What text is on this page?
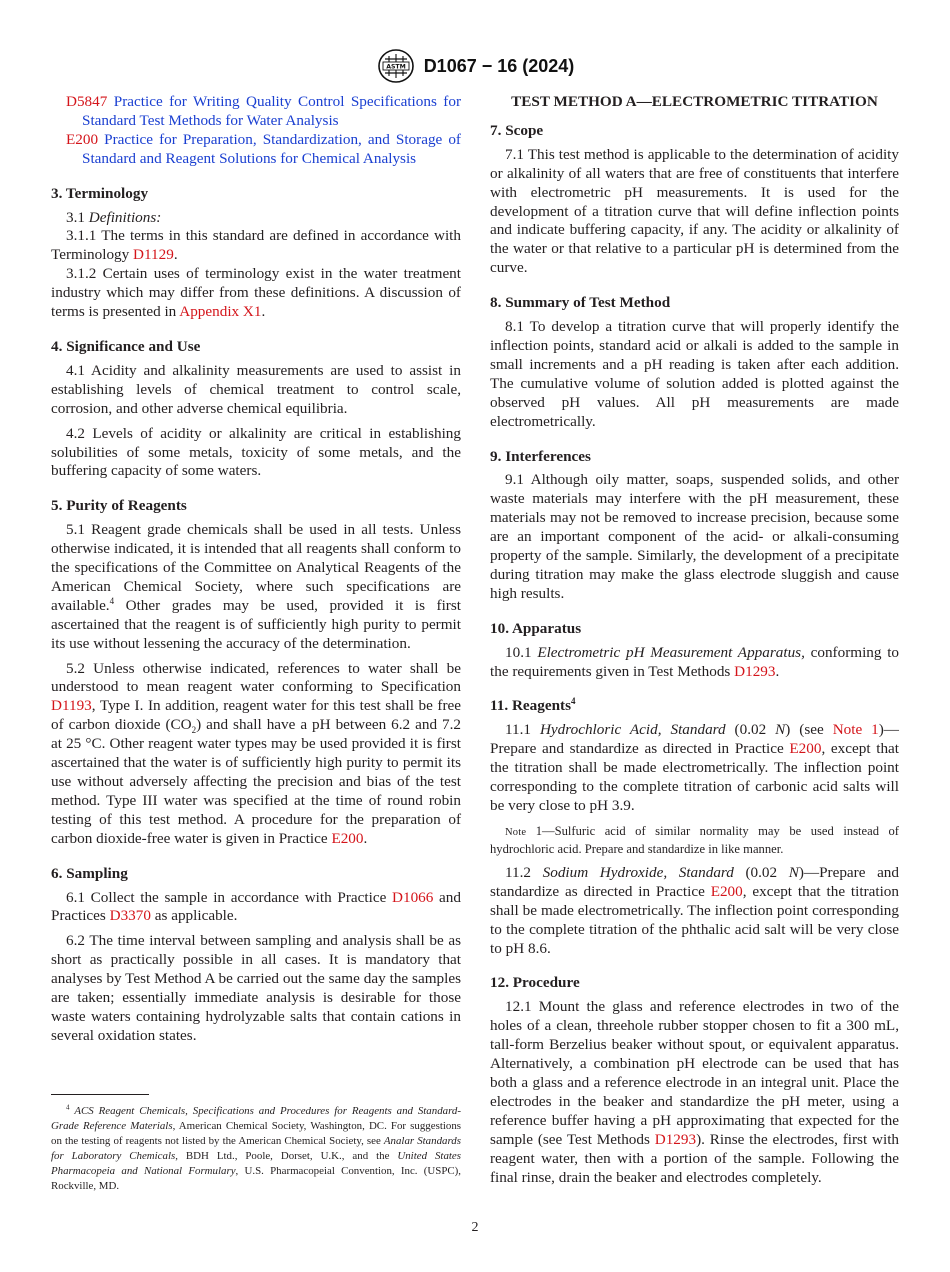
ASTM D1067 − 16 (2024)
D5847 Practice for Writing Quality Control Specifications for Standard Test Methods for Water Analysis
E200 Practice for Preparation, Standardization, and Storage of Standard and Reagent Solutions for Chemical Analysis
3. Terminology

3.1 Definitions:

3.1.1 The terms in this standard are defined in accordance with Terminology D1129.

3.1.2 Certain uses of terminology exist in the water treatment industry which may differ from these definitions. A discussion of terms is presented in Appendix X1.

4. Significance and Use

4.1 Acidity and alkalinity measurements are used to assist in establishing levels of chemical treatment to control scale, corrosion, and other adverse chemical equilibria.

4.2 Levels of acidity or alkalinity are critical in establishing solubilities of some metals, toxicity of some metals, and the buffering capacity of some waters.

5. Purity of Reagents

5.1 Reagent grade chemicals shall be used in all tests. Unless otherwise indicated, it is intended that all reagents shall conform to the specifications of the Committee on Analytical Reagents of the American Chemical Society, where such specifications are available.$^4$ Other grades may be used, provided it is first ascertained that the reagent is of sufficiently high purity to permit its use without lessening the accuracy of the determination.

5.2 Unless otherwise indicated, references to water shall be understood to mean reagent water conforming to Specification D1193, Type I. In addition, reagent water for this test shall be free of carbon dioxide $(CO_2)$ and shall have a pH between 6.2 and 7.2 at 25 °C. Other reagent water types may be used provided it is first ascertained that the water is of sufficiently high purity to permit its use without adversely affecting the precision and bias of the test method. Type III water was specified at the time of round robin testing of this test method. A procedure for the preparation of carbon dioxide-free water is given in Practice E200.

6. Sampling

6.1 Collect the sample in accordance with Practice D1066 and Practices D3370 as applicable.

6.2 The time interval between sampling and analysis shall be as short as practically possible in all cases. It is mandatory that analyses by Test Method A be carried out the same day the samples are taken; essentially immediate analysis is desirable for those waste waters containing hydrolyzable salts that contain cations in several oxidation states.

$^4$ ACS Reagent Chemicals, Specifications and Procedures for Reagents and Standard-Grade Reference Materials, American Chemical Society, Washington, DC. For suggestions on the testing of reagents not listed by the American Chemical Society, see Analar Standards for Laboratory Chemicals, BDH Ltd., Poole, Dorset, U.K., and the United States Pharmacopeia and National Formulary, U.S. Pharmacopeial Convention, Inc. (USPC), Rockville, MD.
TEST METHOD A—ELECTROMETRIC TITRATION
7. Scope

7.1 This test method is applicable to the determination of acidity or alkalinity of all waters that are free of constituents that interfere with electrometric pH measurements. It is used for the development of a titration curve that will define inflection points and indicate buffering capacity, if any. The acidity or alkalinity of the water or that relative to a particular pH is determined from the curve.

8. Summary of Test Method

8.1 To develop a titration curve that will properly identify the inflection points, standard acid or alkali is added to the sample in small increments and a pH reading is taken after each addition. The cumulative volume of solution added is plotted against the observed pH values. All pH measurements are made electrometrically.

9. Interferences

9.1 Although oily matter, soaps, suspended solids, and other waste materials may interfere with the pH measurement, these materials may not be removed to increase precision, because some are an important component of the acid- or alkali-consuming property of the sample. Similarly, the development of a precipitate during titration may make the glass electrode sluggish and cause high results.

10. Apparatus

10.1 Electrometric pH Measurement Apparatus, conforming to the requirements given in Test Methods D1293.

11. Reagents$^4$

11.1 Hydrochloric Acid, Standard (0.02 N) (see Note 1)—Prepare and standardize as directed in Practice E200, except that the titration shall be made electrometrically. The inflection point corresponding to the complete titration of carbonic acid salts will be very close to pH 3.9.

Note 1—Sulfuric acid of similar normality may be used instead of hydrochloric acid. Prepare and standardize in like manner.

11.2 Sodium Hydroxide, Standard (0.02 N)—Prepare and standardize as directed in Practice E200, except that the titration shall be made electrometrically. The inflection point corresponding to the complete titration of the phthalic acid salt will be very close to pH 8.6.

12. Procedure

12.1 Mount the glass and reference electrodes in two of the holes of a clean, threehole rubber stopper chosen to fit a 300 mL, tall-form Berzelius beaker without spout, or equivalent apparatus. Alternatively, a combination pH electrode can be used that has both a glass and a reference electrode in an integral unit. Place the electrodes in the beaker and standardize the pH meter, using a reference buffer having a pH approximating that expected for the sample (see Test Methods D1293). Rinse the electrodes, first with reagent water, then with a portion of the sample. Following the final rinse, drain the beaker and electrodes completely.

2
